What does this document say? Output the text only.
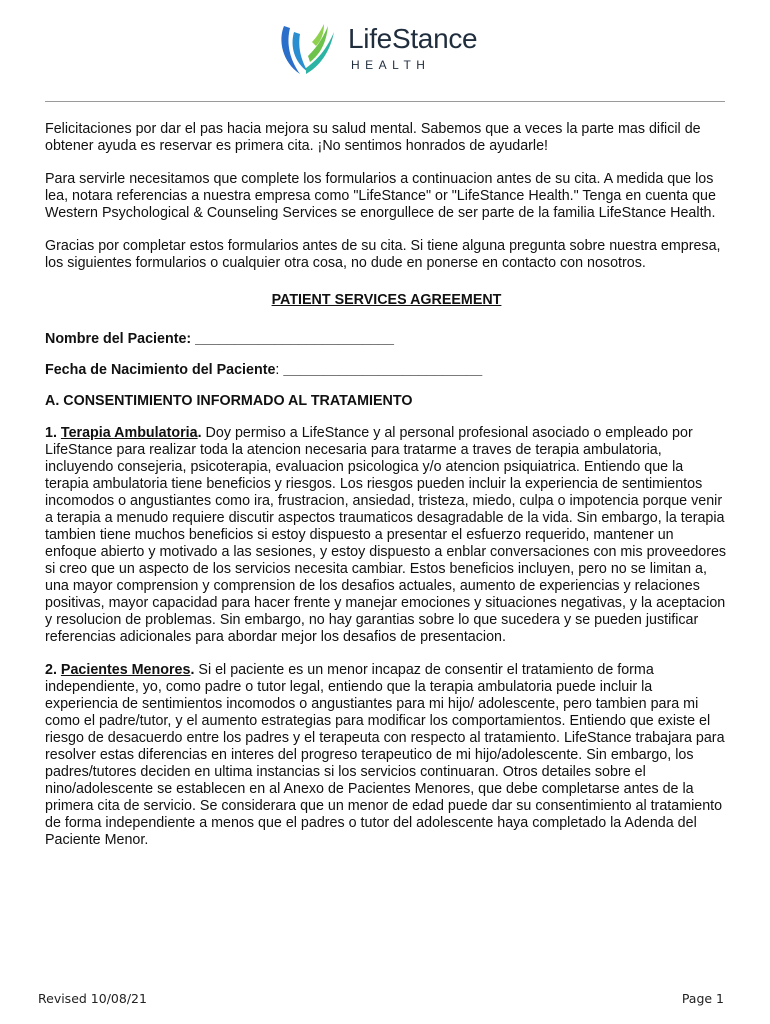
LifeStance
HEALTH

Felicitaciones por dar el pas hacia mejora su salud mental. Sabemos que a veces la parte mas dificil de obtener ayuda es reservar es primera cita. ¡No sentimos honrados de ayudarle!

Para servirle necesitamos que complete los formularios a continuacion antes de su cita. A medida que los lea, notara referencias a nuestra empresa como "LifeStance" or "LifeStance Health." Tenga en cuenta que Western Psychological & Counseling Services se enorgullece de ser parte de la familia LifeStance Health.

Gracias por completar estos formularios antes de su cita. Si tiene alguna pregunta sobre nuestra empresa, los siguientes formularios o cualquier otra cosa, no dude en ponerse en contacto con nosotros.

PATIENT SERVICES AGREEMENT

Nombre del Paciente: _________________________

Fecha de Nacimiento del Paciente: _________________________

A. CONSENTIMIENTO INFORMADO AL TRATAMIENTO

1. Terapia Ambulatoria. Doy permiso a LifeStance y al personal profesional asociado o empleado por LifeStance para realizar toda la atencion necesaria para tratarme a traves de terapia ambulatoria, incluyendo consejeria, psicoterapia, evaluacion psicologica y/o atencion psiquiatrica. Entiendo que la terapia ambulatoria tiene beneficios y riesgos. Los riesgos pueden incluir la experiencia de sentimientos incomodos o angustiantes como ira, frustracion, ansiedad, tristeza, miedo, culpa o impotencia porque venir a terapia a menudo requiere discutir aspectos traumaticos desagradable de la vida. Sin embargo, la terapia tambien tiene muchos beneficios si estoy dispuesto a presentar el esfuerzo requerido, mantener un enfoque abierto y motivado a las sesiones, y estoy dispuesto a enblar conversaciones con mis proveedores si creo que un aspecto de los servicios necesita cambiar. Estos beneficios incluyen, pero no se limitan a, una mayor comprension y comprension de los desafios actuales, aumento de experiencias y relaciones positivas, mayor capacidad para hacer frente y manejar emociones y situaciones negativas, y la aceptacion y resolucion de problemas. Sin embargo, no hay garantias sobre lo que sucedera y se pueden justificar referencias adicionales para abordar mejor los desafios de presentacion.

2. Pacientes Menores. Si el paciente es un menor incapaz de consentir el tratamiento de forma independiente, yo, como padre o tutor legal, entiendo que la terapia ambulatoria puede incluir la experiencia de sentimientos incomodos o angustiantes para mi hijo/ adolescente, pero tambien para mi como el padre/tutor, y el aumento estrategias para modificar los comportamientos. Entiendo que existe el riesgo de desacuerdo entre los padres y el terapeuta con respecto al tratamiento. LifeStance trabajara para resolver estas diferencias en interes del progreso terapeutico de mi hijo/adolescente. Sin embargo, los padres/tutores deciden en ultima instancias si los servicios continuaran. Otros detailes sobre el nino/adolescente se establecen en al Anexo de Pacientes Menores, que debe completarse antes de la primera cita de servicio. Se considerara que un menor de edad puede dar su consentimiento al tratamiento de forma independiente a menos que el padres o tutor del adolescente haya completado la Adenda del Paciente Menor.

Revised 10/08/21	Page 1
